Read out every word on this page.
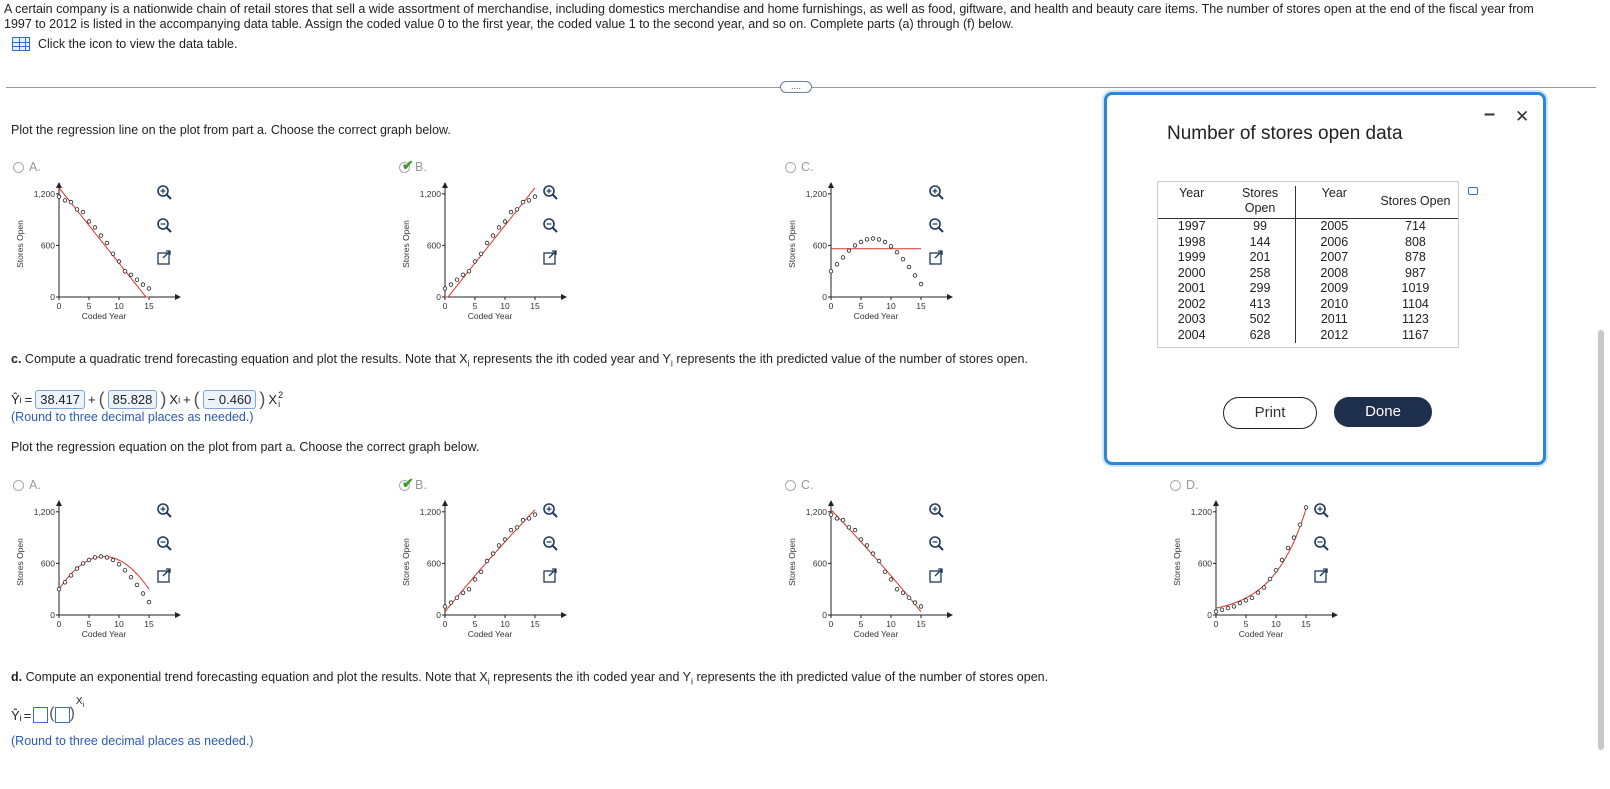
A certain company is a nationwide chain of retail stores that sell a wide assortment of merchandise, including domestics merchandise and home furnishings, as well as food, giftware, and health and beauty care items. The number of stores open at the end of the fiscal year from
1997 to 2012 is listed in the accompanying data table. Assign the coded value 0 to the first year, the coded value 1 to the second year, and so on. Complete parts (a) through (f) below.
Click the icon to view the data table.
....
Plot the regression line on the plot from part a. Choose the correct graph below.
A.	✔ B.	C.
Stores Open
1,200
600
0
0	5	10 15
Coded Year
Stores Open
1,200
600
0
0	5	10 15
Coded Year
Stores Open
1,200
600
0
0	5	10 15
Coded Year
c. Compute a quadratic trend forecasting equation and plot the results. Note that $X_i$ represents the ith coded year and $Y_i$ represents the ith predicted value of the number of stores open.
Ŷ i = 38.417 + ( 85.828 ) X i + ( − 0.460 ) X 2
i
(Round to three decimal places as needed.)
Plot the regression equation on the plot from part a. Choose the correct graph below.
A.	✔ B.	C.	D.
Stores Open
1,200
600
0
0	5	10 15
Coded Year
Stores Open
1,200
600
0
0	5	10 15
Coded Year
Stores Open
1,200
600
0
0	5	10 15
Coded Year
Stores Open
1,200
600
0
0	5	10 15
Coded Year
d. Compute an exponential trend forecasting equation and plot the results. Note that $X_i$ represents the ith coded year and $Y_i$ represents the ith predicted value of the number of stores open.
Ŷ i = ( )
$X_i$
(Round to three decimal places as needed.)
– ✕
Number of stores open data
Year	Stores Open	Year	Stores Open
1997	99	2005	714
1998	144	2006	808
1999	201	2007	878
2000	258	2008	987
2001	299	2009	1019
2002	413	2010	1104
2003	502	2011	1123
2004	628	2012	1167
Print	Done
